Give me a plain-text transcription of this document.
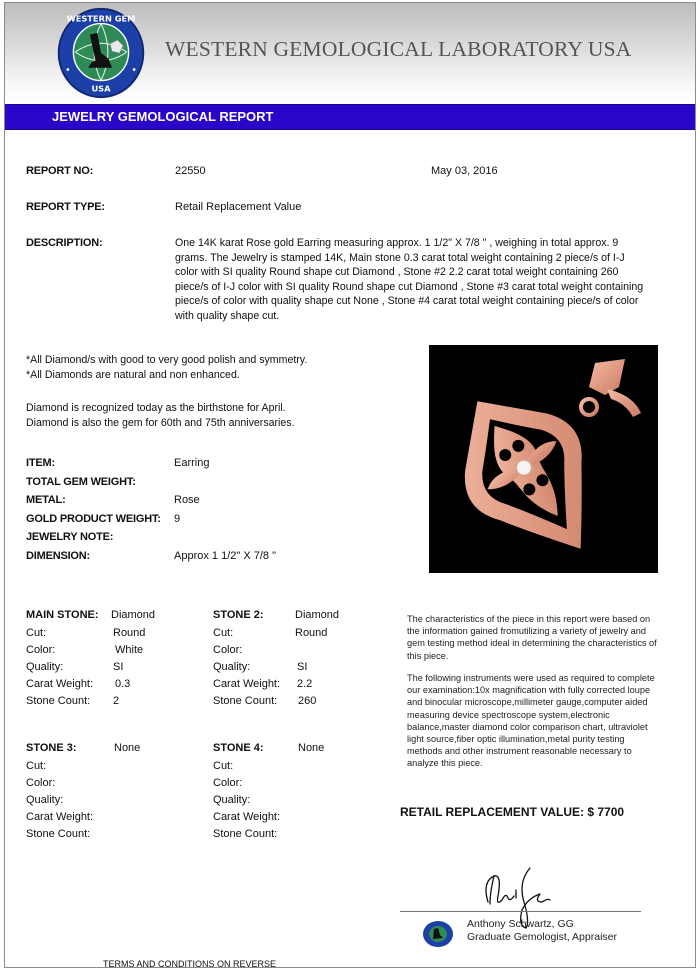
WESTERN GEM
USA
WESTERN GEMOLOGICAL LABORATORY USA
JEWELRY GEMOLOGICAL REPORT
REPORT NO:	22550	May 03, 2016
REPORT TYPE:	Retail Replacement Value
DESCRIPTION:	One 14K karat Rose gold Earring measuring approx. 1 1/2" X 7/8 " , weighing in total approx. 9 grams. The Jewelry is stamped 14K, Main stone 0.3 carat total weight containing 2 piece/s of I-J color with SI quality Round shape cut Diamond , Stone #2 2.2 carat total weight containing 260 piece/s of I-J color with SI quality Round shape cut Diamond , Stone #3 carat total weight containing piece/s of color with quality shape cut None , Stone #4 carat total weight containing piece/s of color with quality shape cut.
*All Diamond/s with good to very good polish and symmetry.
*All Diamonds are natural and non enhanced.
Diamond is recognized today as the birthstone for April.
Diamond is also the gem for 60th and 75th anniversaries.
ITEM:	Earring
TOTAL GEM WEIGHT:
METAL:	Rose
GOLD PRODUCT WEIGHT: 9
JEWELRY NOTE:
DIMENSION:	Approx 1 1/2" X 7/8 "
MAIN STONE: Diamond
Cut:	Round
Color:	White
Quality:	SI
Carat Weight: 0.3
Stone Count: 2
STONE 2:	Diamond
Cut:	Round
Color:
Quality:	SI
Carat Weight: 2.2
Stone Count: 260
STONE 3:	None
Cut:
Color:
Quality:
Carat Weight:
Stone Count:
STONE 4:	None
Cut:
Color:
Quality:
Carat Weight:
Stone Count:
The characteristics of the piece in this report were based on the information gained fromutilizing a variety of jewelry and gem testing method ideal in determining the characteristics of this piece.
The following instruments were used as required to complete our examination:10x magnification with fully corrected loupe and binocular microscope,millimeter gauge,computer aided measuring device spectroscope system,electronic balance,master diamond color comparison chart, ultraviolet light source,fiber optic illumination,metal purity testing methods and other instrument reasonable necessary to analyze this piece.
RETAIL REPLACEMENT VALUE: $ 7700
Anthony Schwartz, GG
Graduate Gemologist, Appraiser
TERMS AND CONDITIONS ON REVERSE
